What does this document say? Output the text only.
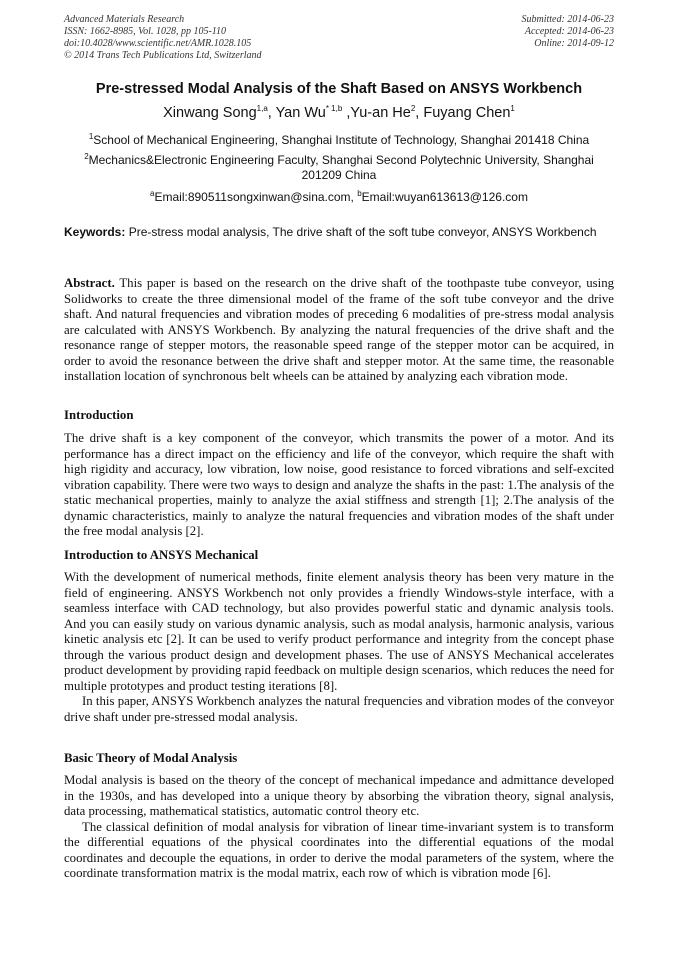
Advanced Materials Research
ISSN: 1662-8985, Vol. 1028, pp 105-110
doi:10.4028/www.scientific.net/AMR.1028.105
© 2014 Trans Tech Publications Ltd, Switzerland
Submitted: 2014-06-23
Accepted: 2014-06-23
Online: 2014-09-12
Pre-stressed Modal Analysis of the Shaft Based on ANSYS Workbench
Xinwang Song$^{1,a}$, Yan Wu$^{* 1,b}$ ,Yu-an He$^2$, Fuyang Chen$^1$
$^1$School of Mechanical Engineering, Shanghai Institute of Technology, Shanghai 201418 China
$^2$Mechanics&Electronic Engineering Faculty, Shanghai Second Polytechnic University, Shanghai 201209 China
$^a$Email:890511songxinwan@sina.com, $^b$Email:wuyan613613@126.com
Keywords: Pre-stress modal analysis, The drive shaft of the soft tube conveyor, ANSYS Workbench
Abstract. This paper is based on the research on the drive shaft of the toothpaste tube conveyor, using Solidworks to create the three dimensional model of the frame of the soft tube conveyor and the drive shaft. And natural frequencies and vibration modes of preceding 6 modalities of pre-stress modal analysis are calculated with ANSYS Workbench. By analyzing the natural frequencies of the drive shaft and the resonance range of stepper motors, the reasonable speed range of the stepper motor can be acquired, in order to avoid the resonance between the drive shaft and stepper motor. At the same time, the reasonable installation location of synchronous belt wheels can be attained by analyzing each vibration mode.
Introduction

The drive shaft is a key component of the conveyor, which transmits the power of a motor. And its performance has a direct impact on the efficiency and life of the conveyor, which require the shaft with high rigidity and accuracy, low vibration, low noise, good resistance to forced vibrations and self-excited vibration capability. There were two ways to design and analyze the shafts in the past: 1.The analysis of the static mechanical properties, mainly to analyze the axial stiffness and strength [1]; 2.The analysis of the dynamic characteristics, mainly to analyze the natural frequencies and vibration modes of the shaft under the free modal analysis [2].

Introduction to ANSYS Mechanical

With the development of numerical methods, finite element analysis theory has been very mature in the field of engineering. ANSYS Workbench not only provides a friendly Windows-style interface, with a seamless interface with CAD technology, but also provides powerful static and dynamic analysis tools. And you can easily study on various dynamic analysis, such as modal analysis, harmonic analysis, various kinetic analysis etc [2]. It can be used to verify product performance and integrity from the concept phase through the various product design and development phases. The use of ANSYS Mechanical accelerates product development by providing rapid feedback on multiple design scenarios, which reduces the need for multiple prototypes and product testing iterations [8].

In this paper, ANSYS Workbench analyzes the natural frequencies and vibration modes of the conveyor drive shaft under pre-stressed modal analysis.

Basic Theory of Modal Analysis

Modal analysis is based on the theory of the concept of mechanical impedance and admittance developed in the 1930s, and has developed into a unique theory by absorbing the vibration theory, signal analysis, data processing, mathematical statistics, automatic control theory etc.

The classical definition of modal analysis for vibration of linear time-invariant system is to transform the differential equations of the physical coordinates into the differential equations of the modal coordinates and decouple the equations, in order to derive the modal parameters of the system, where the coordinate transformation matrix is the modal matrix, each row of which is vibration mode [6].
